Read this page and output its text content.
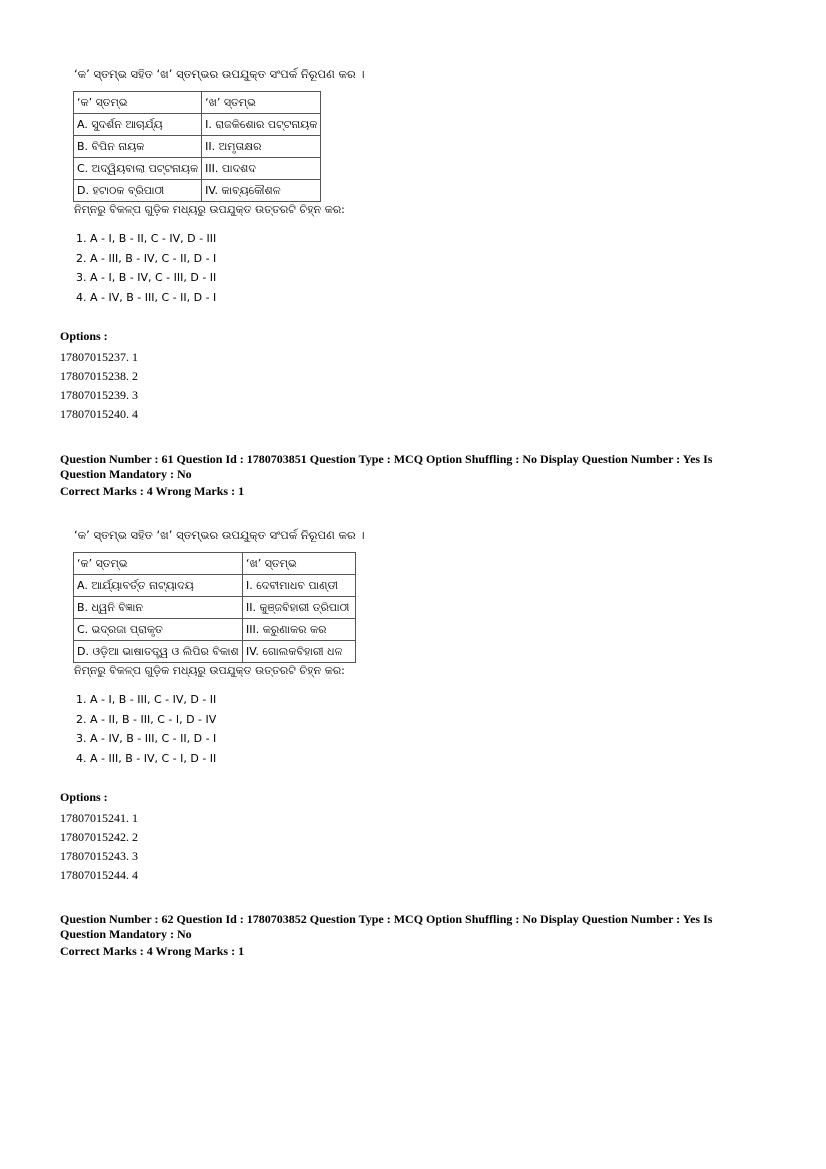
‘କ’ ସ୍ତମ୍ଭ ସହିତ ‘ଖ’ ସ୍ତମ୍ଭର ଉପଯୁକ୍ତ ସଂପର୍କ ନିରୂପଣ କର ।
‘କ’ ସ୍ତମ୍ଭ	‘ଖ’ ସ୍ତମ୍ଭ
A. ସୁଦର୍ଶନ ଆଚାର୍ଯ୍ୟ	I. ରାଜକିଶୋର ପଟ୍ଟନାୟକ
B. ବିପିନ ନାୟକ	II. ଅମୃତାକ୍ଷର
C. ଅଦ୍ୱିୟବାଲା ପଟ୍ଟନାୟକ	III. ପାଦଶଦ
D. ହଟାଠକ ବ୍ରିପାଠୀ	IV. କାବ୍ୟକୌଶଳ
ନିମ୍ନରୁ ବିକଳ୍ପ ଗୁଡ଼ିକ ମଧ୍ୟରୁ ଉପଯୁକ୍ତ ଉତ୍ତରଟି ଚିହ୍ନ କର:
1. A - I, B - II, C - IV, D - III
2. A - III, B - IV, C - II, D - I
3. A - I, B - IV, C - III, D - II
4. A - IV, B - III, C - II, D - I
Options :
17807015237. 1
17807015238. 2
17807015239. 3
17807015240. 4
Question Number : 61 Question Id : 1780703851 Question Type : MCQ Option Shuffling : No Display Question Number : Yes Is
Question Mandatory : No
Correct Marks : 4 Wrong Marks : 1
‘କ’ ସ୍ତମ୍ଭ ସହିତ ‘ଖ’ ସ୍ତମ୍ଭର ଉପଯୁକ୍ତ ସଂପର୍କ ନିରୂପଣ କର ।
‘କ’ ସ୍ତମ୍ଭ	‘ଖ’ ସ୍ତମ୍ଭ
A. ଆର୍ଯ୍ୟାବର୍ତ୍ତ ନାଟ୍ୟାଦୟ	I. ଦେବୀମାଧବ ପାଣ୍ଡୀ
B. ଧ୍ୱନି ବିଜ୍ଞାନ	II. କୁଞ୍ଜବିହାରୀ ତ୍ରିପାଠୀ
C. ଭଦ୍ରଜା ପ୍ରାକୃତ	III. କରୁଣାକର କର
D. ଓଡ଼ିଆ ଭାଷାତତ୍ତ୍ୱ ଓ ଲିପିର ବିକାଶ	IV. ଗୋଲକବିହାରୀ ଧଳ
ନିମ୍ନରୁ ବିକଳ୍ପ ଗୁଡ଼ିକ ମଧ୍ୟରୁ ଉପଯୁକ୍ତ ଉତ୍ତରଟି ଚିହ୍ନ କର:
1. A - I, B - III, C - IV, D - II
2. A - II, B - III, C - I, D - IV
3. A - IV, B - III, C - II, D - I
4. A - III, B - IV, C - I, D - II
Options :
17807015241. 1
17807015242. 2
17807015243. 3
17807015244. 4
Question Number : 62 Question Id : 1780703852 Question Type : MCQ Option Shuffling : No Display Question Number : Yes Is
Question Mandatory : No
Correct Marks : 4 Wrong Marks : 1
